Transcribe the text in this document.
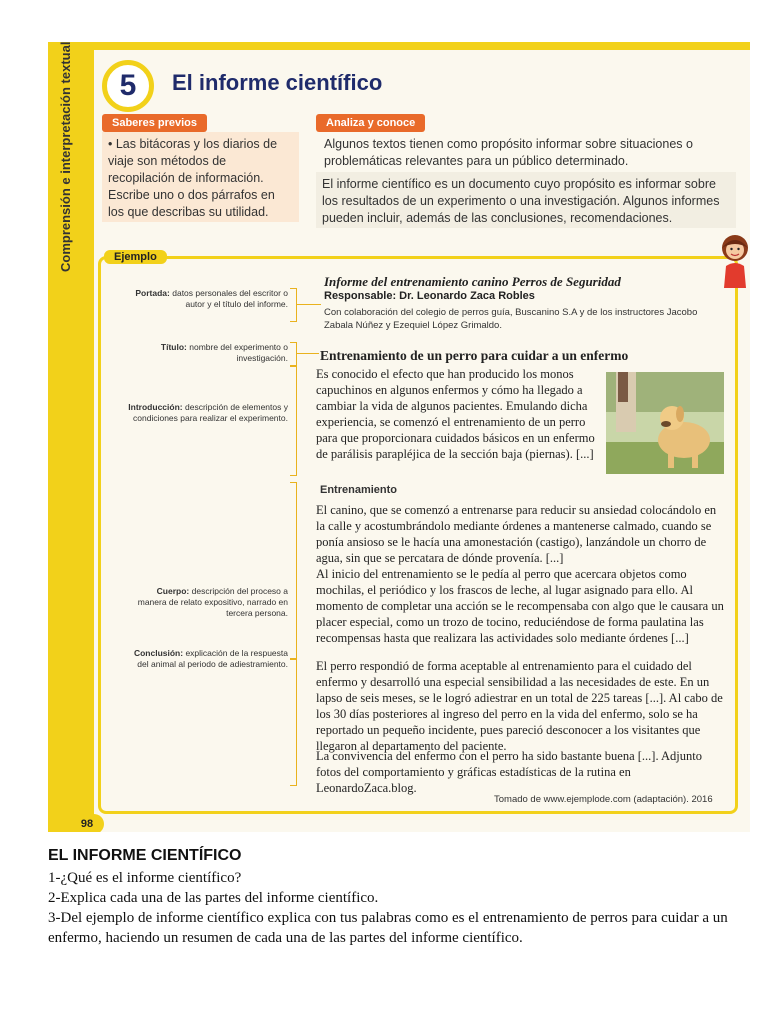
Comprensión e interpretación textual	5	El informe científico
Saberes previos

• Las bitácoras y los diarios de viaje son métodos de recopilación de información. Escribe uno o dos párrafos en los que describas su utilidad.

Analiza y conoce

Algunos textos tienen como propósito informar sobre situaciones o problemáticas relevantes para un público determinado.

El informe científico es un documento cuyo propósito es informar sobre los resultados de un experimento o una investigación. Algunos informes pueden incluir, además de las conclusiones, recomendaciones.

Ejemplo
Portada: datos personales del escritor o autor y el título del informe.
Título: nombre del experimento o investigación.
Introducción: descripción de elementos y condiciones para realizar el experimento.
Cuerpo: descripción del proceso a manera de relato expositivo, narrado en tercera persona.
Conclusión: explicación de la respuesta del animal al periodo de adiestramiento.
Informe del entrenamiento canino Perros de Seguridad
Responsable: Dr. Leonardo Zaca Robles

Con colaboración del colegio de perros guía, Buscanino S.A y de los instructores Jacobo Zabala Núñez y Ezequiel López Grimaldo.

Entrenamiento de un perro para cuidar a un enfermo

Es conocido el efecto que han producido los monos capuchinos en algunos enfermos y cómo ha llegado a cambiar la vida de algunos pacientes. Emulando dicha experiencia, se comenzó el entrenamiento de un perro para que proporcionara cuidados básicos en un enfermo de parálisis parapléjica de la sección baja (piernas). [...]

Entrenamiento

El canino, que se comenzó a entrenarse para reducir su ansiedad colocándolo en la calle y acostumbrándolo mediante órdenes a mantenerse calmado, cuando se ponía ansioso se le hacía una amonestación (castigo), lanzándole un chorro de agua, sin que se percatara de dónde provenía. [...]

Al inicio del entrenamiento se le pedía al perro que acercara objetos como mochilas, el periódico y los frascos de leche, al lugar asignado para ello. Al momento de completar una acción se le recompensaba con algo que le causara un placer especial, como un trozo de tocino, reduciéndose de forma paulatina las recompensas hasta que realizara las actividades solo mediante órdenes [...]

El perro respondió de forma aceptable al entrenamiento para el cuidado del enfermo y desarrolló una especial sensibilidad a las necesidades de este. En un lapso de seis meses, se le logró adiestrar en un total de 225 tareas [...]. Al cabo de los 30 días posteriores al ingreso del perro en la vida del enfermo, solo se ha reportado un pequeño incidente, pues pareció desconocer a los visitantes que llegaron al departamento del paciente.

La convivencia del enfermo con el perro ha sido bastante buena [...]. Adjunto fotos del comportamiento y gráficas estadísticas de la rutina en LeonardoZaca.blog.

Tomado de www.ejemplode.com (adaptación). 2016
98
EL INFORME CIENTÍFICO

1-¿Qué es el informe científico?

2-Explica cada una de las partes del informe científico.

3-Del ejemplo de informe científico explica con tus palabras como es el entrenamiento de perros para cuidar a un enfermo, haciendo un resumen de cada una de las partes del informe científico.
